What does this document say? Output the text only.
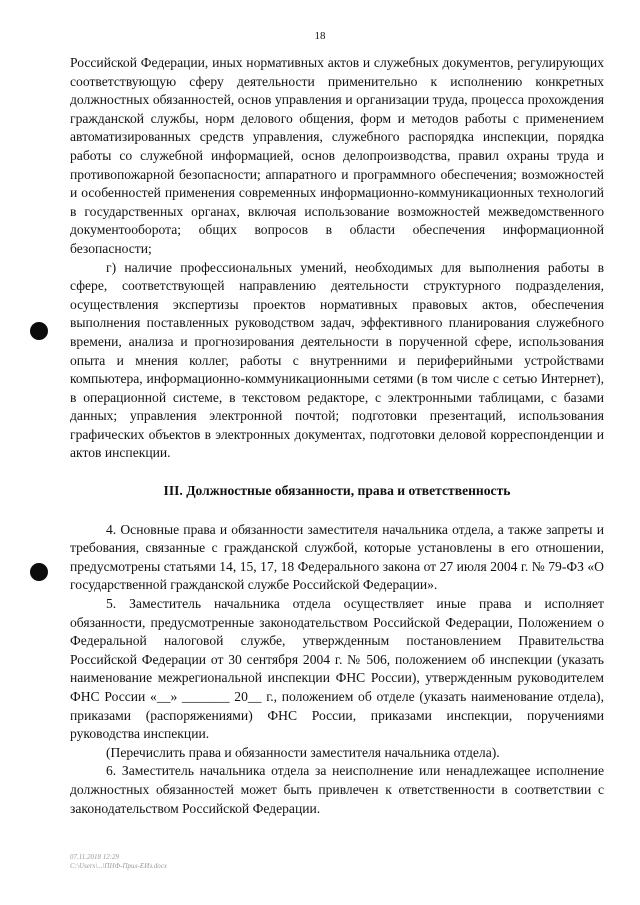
18

Российской Федерации, иных нормативных актов и служебных документов, регулирующих соответствующую сферу деятельности применительно к исполнению конкретных должностных обязанностей, основ управления и организации труда, процесса прохождения гражданской службы, норм делового общения, форм и методов работы с применением автоматизированных средств управления, служебного распорядка инспекции, порядка работы со служебной информацией, основ делопроизводства, правил охраны труда и противопожарной безопасности; аппаратного и программного обеспечения; возможностей и особенностей применения современных информационно-коммуникационных технологий в государственных органах, включая использование возможностей межведомственного документооборота; общих вопросов в области обеспечения информационной безопасности;

г) наличие профессиональных умений, необходимых для выполнения работы в сфере, соответствующей направлению деятельности структурного подразделения, осуществления экспертизы проектов нормативных правовых актов, обеспечения выполнения поставленных руководством задач, эффективного планирования служебного времени, анализа и прогнозирования деятельности в порученной сфере, использования опыта и мнения коллег, работы с внутренними и периферийными устройствами компьютера, информационно-коммуникационными сетями (в том числе с сетью Интернет), в операционной системе, в текстовом редакторе, с электронными таблицами, с базами данных; управления электронной почтой; подготовки презентаций, использования графических объектов в электронных документах, подготовки деловой корреспонденции и актов инспекции.

III. Должностные обязанности, права и ответственность

4. Основные права и обязанности заместителя начальника отдела, а также запреты и требования, связанные с гражданской службой, которые установлены в его отношении, предусмотрены статьями 14, 15, 17, 18 Федерального закона от 27 июля 2004 г. № 79-ФЗ «О государственной гражданской службе Российской Федерации».

5. Заместитель начальника отдела осуществляет иные права и исполняет обязанности, предусмотренные законодательством Российской Федерации, Положением о Федеральной налоговой службе, утвержденным постановлением Правительства Российской Федерации от 30 сентября 2004 г. № 506, положением об инспекции (указать наименование межрегиональной инспекции ФНС России), утвержденным руководителем ФНС России «__» _______ 20__ г., положением об отделе (указать наименование отдела), приказами (распоряжениями) ФНС России, приказами инспекции, поручениями руководства инспекции.

(Перечислить права и обязанности заместителя начальника отдела).

6. Заместитель начальника отдела за неисполнение или ненадлежащее исполнение должностных обязанностей может быть привлечен к ответственности в соответствии с законодательством Российской Федерации.

07.11.2018 12:29
C:\Users\...\ПНФ-Прил-ЕИз.docx
